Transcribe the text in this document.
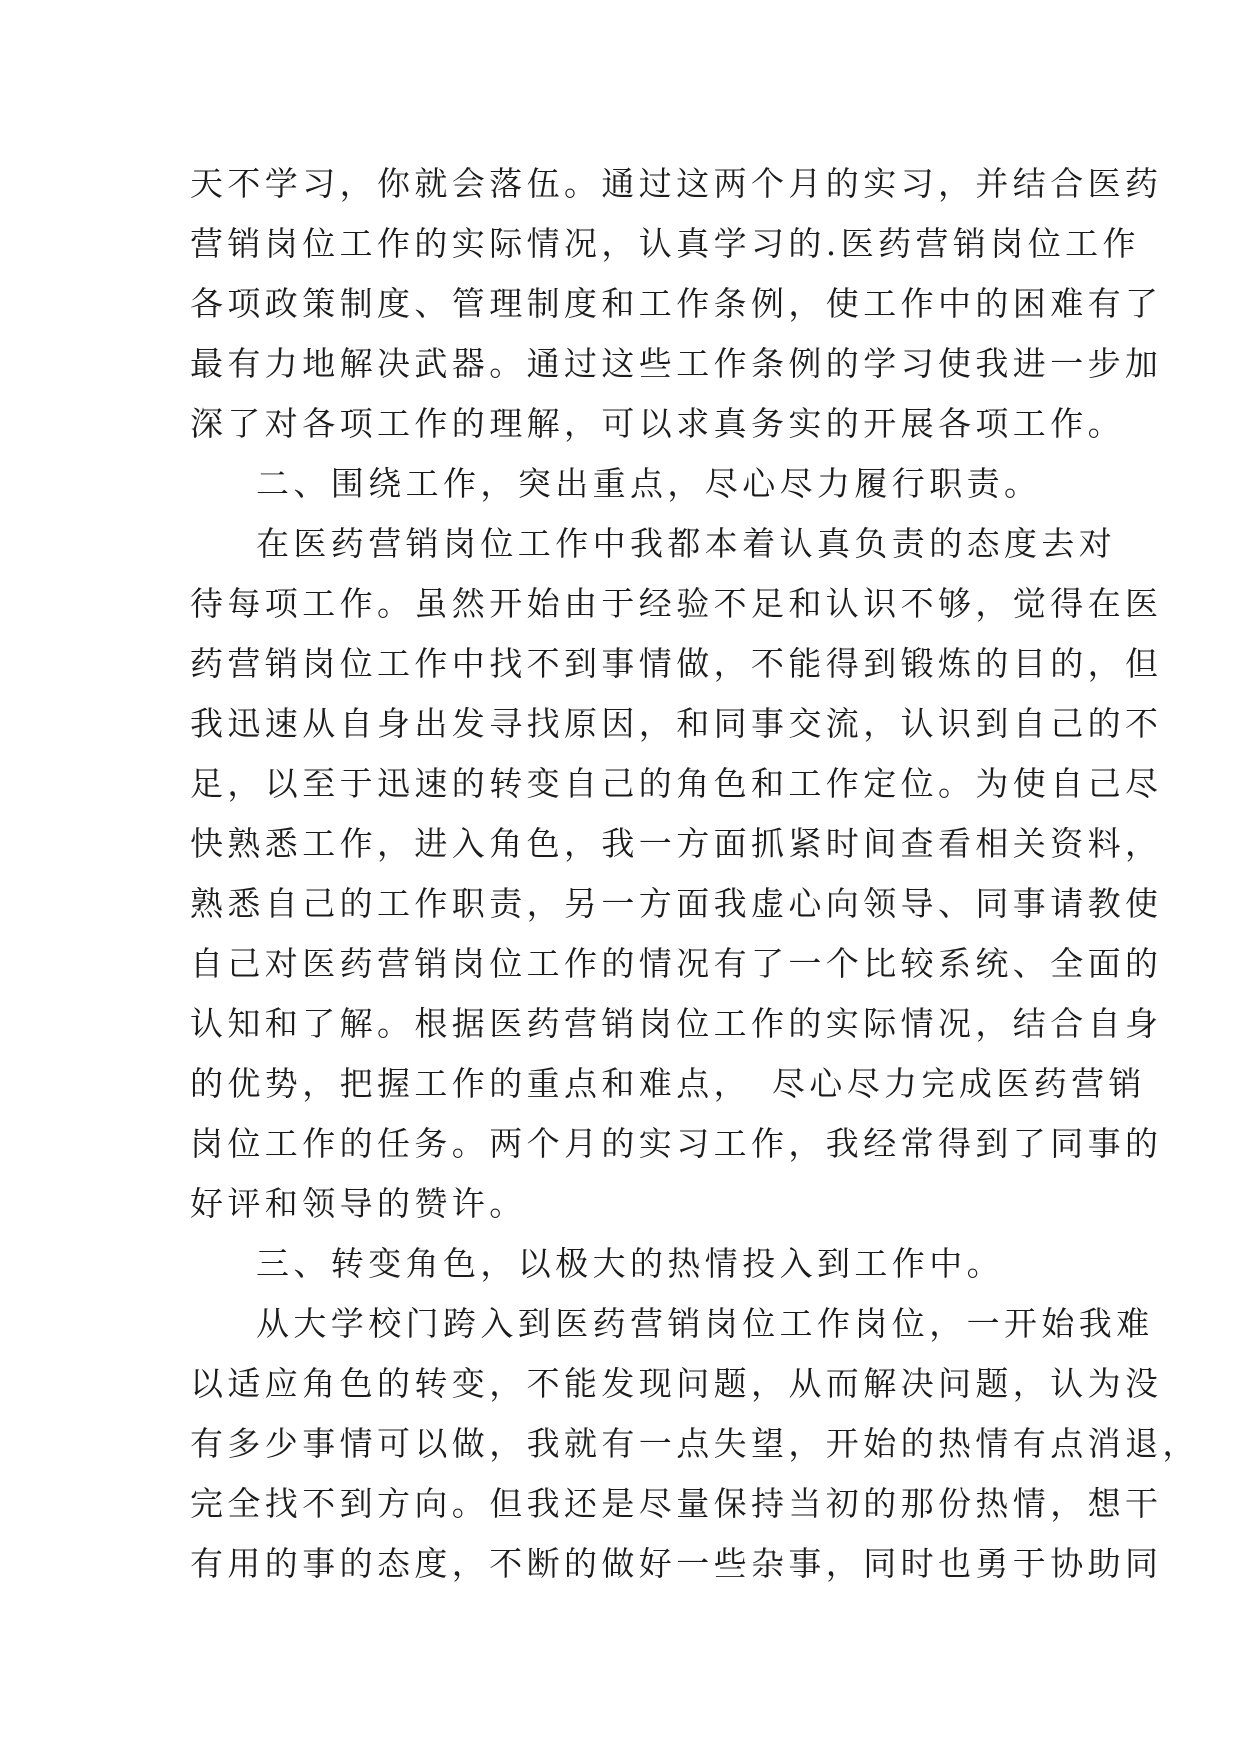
天不学习，你就会落伍。通过这两个月的实习，并结合医药
营销岗位工作的实际情况，认真学习的.医药营销岗位工作
各项政策制度、管理制度和工作条例，使工作中的困难有了
最有力地解决武器。通过这些工作条例的学习使我进一步加
深了对各项工作的理解，可以求真务实的开展各项工作。
二、围绕工作，突出重点，尽心尽力履行职责。
在医药营销岗位工作中我都本着认真负责的态度去对
待每项工作。虽然开始由于经验不足和认识不够，觉得在医
药营销岗位工作中找不到事情做，不能得到锻炼的目的，但
我迅速从自身出发寻找原因，和同事交流，认识到自己的不
足，以至于迅速的转变自己的角色和工作定位。为使自己尽
快熟悉工作，进入角色，我一方面抓紧时间查看相关资料，
熟悉自己的工作职责，另一方面我虚心向领导、同事请教使
自己对医药营销岗位工作的情况有了一个比较系统、全面的
认知和了解。根据医药营销岗位工作的实际情况，结合自身
的优势，把握工作的重点和难点，　尽心尽力完成医药营销
岗位工作的任务。两个月的实习工作，我经常得到了同事的
好评和领导的赞许。
三、转变角色，以极大的热情投入到工作中。
从大学校门跨入到医药营销岗位工作岗位，一开始我难
以适应角色的转变，不能发现问题，从而解决问题，认为没
有多少事情可以做，我就有一点失望，开始的热情有点消退，
完全找不到方向。但我还是尽量保持当初的那份热情，想干
有用的事的态度，不断的做好一些杂事，同时也勇于协助同
